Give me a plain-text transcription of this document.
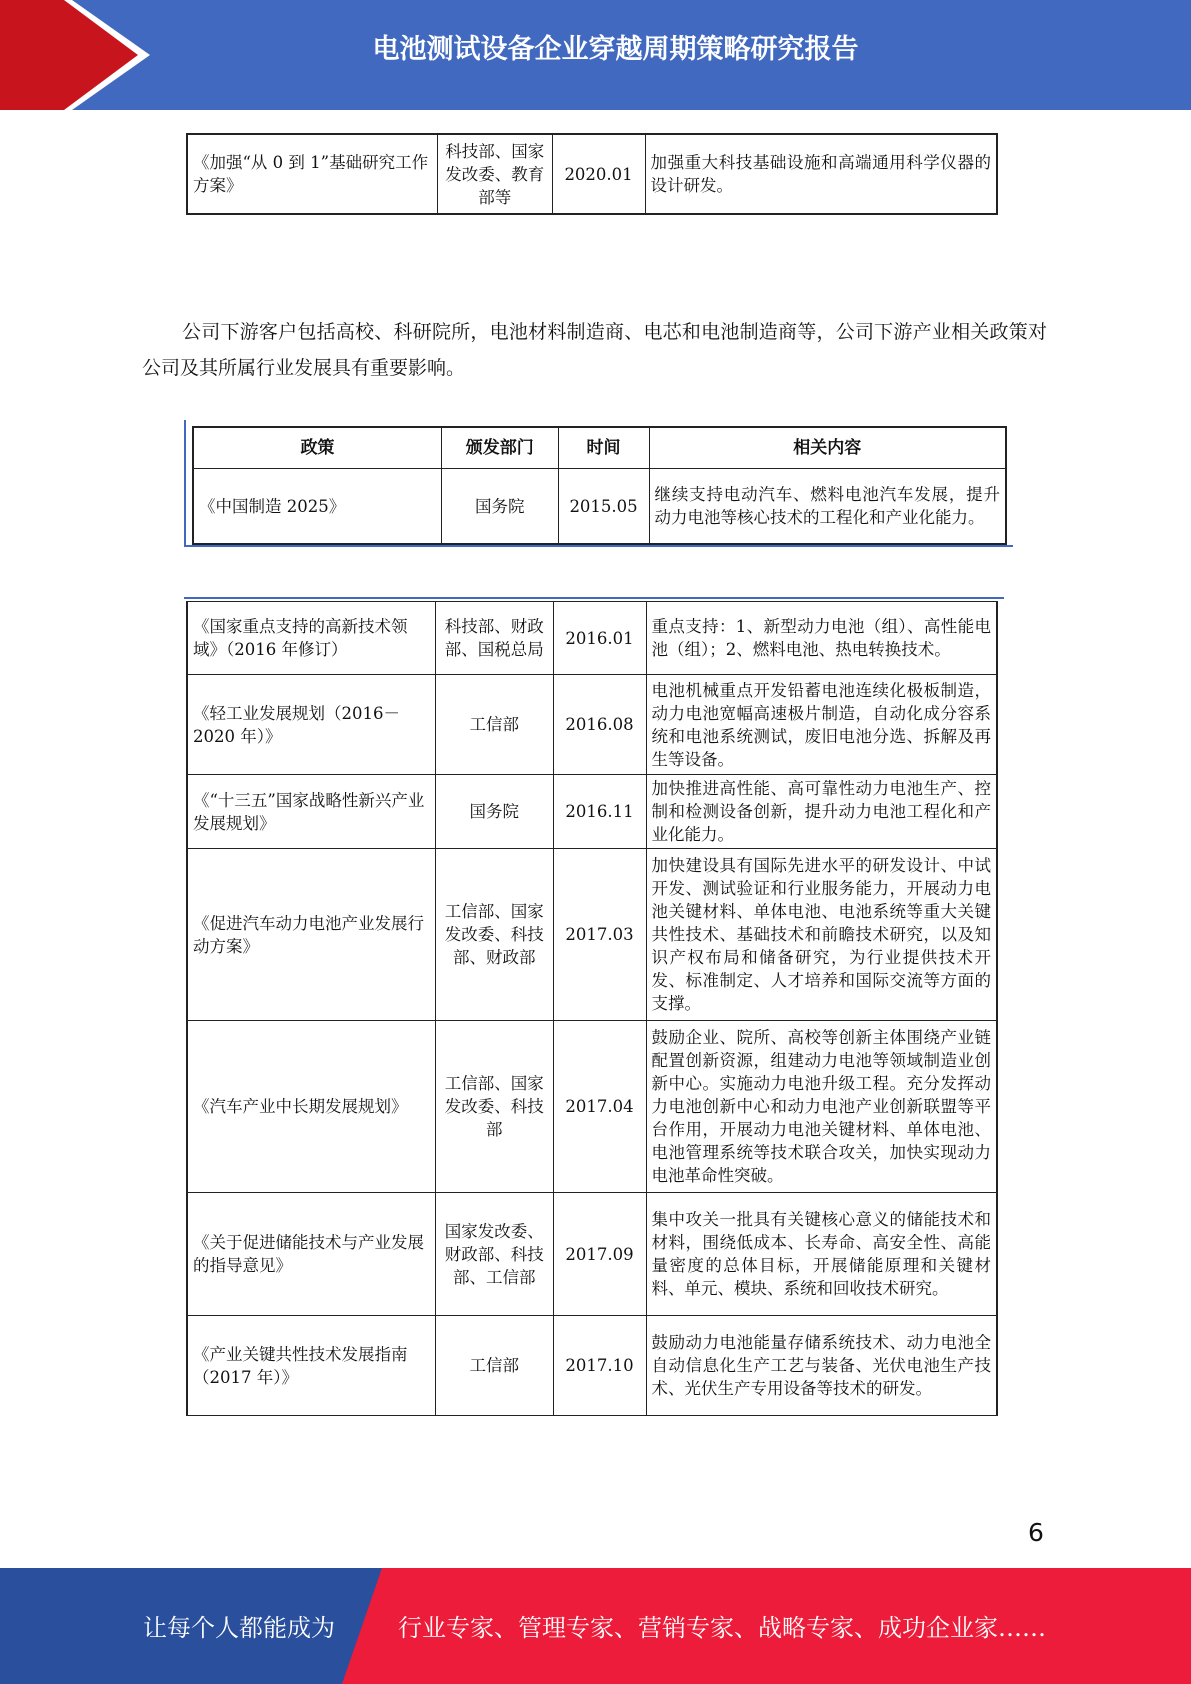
电池测试设备企业穿越周期策略研究报告
《加强“从 0 到 1”基础研究工作方案》	科技部、国家发改委、教育部等	2020.01	加强重大科技基础设施和高端通用科学仪器的设计研发。
公司下游客户包括高校、科研院所，电池材料制造商、电芯和电池制造商等，公司下游产业相关政策对公司及其所属行业发展具有重要影响。
政策	颁发部门	时间	相关内容
《中国制造 2025》	国务院	2015.05	继续支持电动汽车、燃料电池汽车发展，提升动力电池等核心技术的工程化和产业化能力。
《国家重点支持的高新技术领域》（2016 年修订）	科技部、财政部、国税总局	2016.01	重点支持：1、新型动力电池（组）、高性能电池（组）；2、燃料电池、热电转换技术。
《轻工业发展规划（2016－2020 年）》	工信部	2016.08	电池机械重点开发铅蓄电池连续化极板制造，动力电池宽幅高速极片制造，自动化成分容系统和电池系统测试，废旧电池分选、拆解及再生等设备。
《“十三五”国家战略性新兴产业发展规划》	国务院	2016.11	加快推进高性能、高可靠性动力电池生产、控制和检测设备创新，提升动力电池工程化和产业化能力。
《促进汽车动力电池产业发展行动方案》	工信部、国家发改委、科技部、财政部	2017.03	加快建设具有国际先进水平的研发设计、中试开发、测试验证和行业服务能力，开展动力电池关键材料、单体电池、电池系统等重大关键共性技术、基础技术和前瞻技术研究，以及知识产权布局和储备研究，为行业提供技术开发、标准制定、人才培养和国际交流等方面的支撑。
《汽车产业中长期发展规划》	工信部、国家发改委、科技部	2017.04	鼓励企业、院所、高校等创新主体围绕产业链配置创新资源，组建动力电池等领域制造业创新中心。实施动力电池升级工程。充分发挥动力电池创新中心和动力电池产业创新联盟等平台作用，开展动力电池关键材料、单体电池、电池管理系统等技术联合攻关，加快实现动力电池革命性突破。
《关于促进储能技术与产业发展的指导意见》	国家发改委、财政部、科技部、工信部	2017.09	集中攻关一批具有关键核心意义的储能技术和材料，围绕低成本、长寿命、高安全性、高能量密度的总体目标，开展储能原理和关键材料、单元、模块、系统和回收技术研究。
《产业关键共性技术发展指南（2017 年）》	工信部	2017.10	鼓励动力电池能量存储系统技术、动力电池全自动信息化生产工艺与装备、光伏电池生产技术、光伏生产专用设备等技术的研发。
6
让每个人都能成为	行业专家、管理专家、营销专家、战略专家、成功企业家……
